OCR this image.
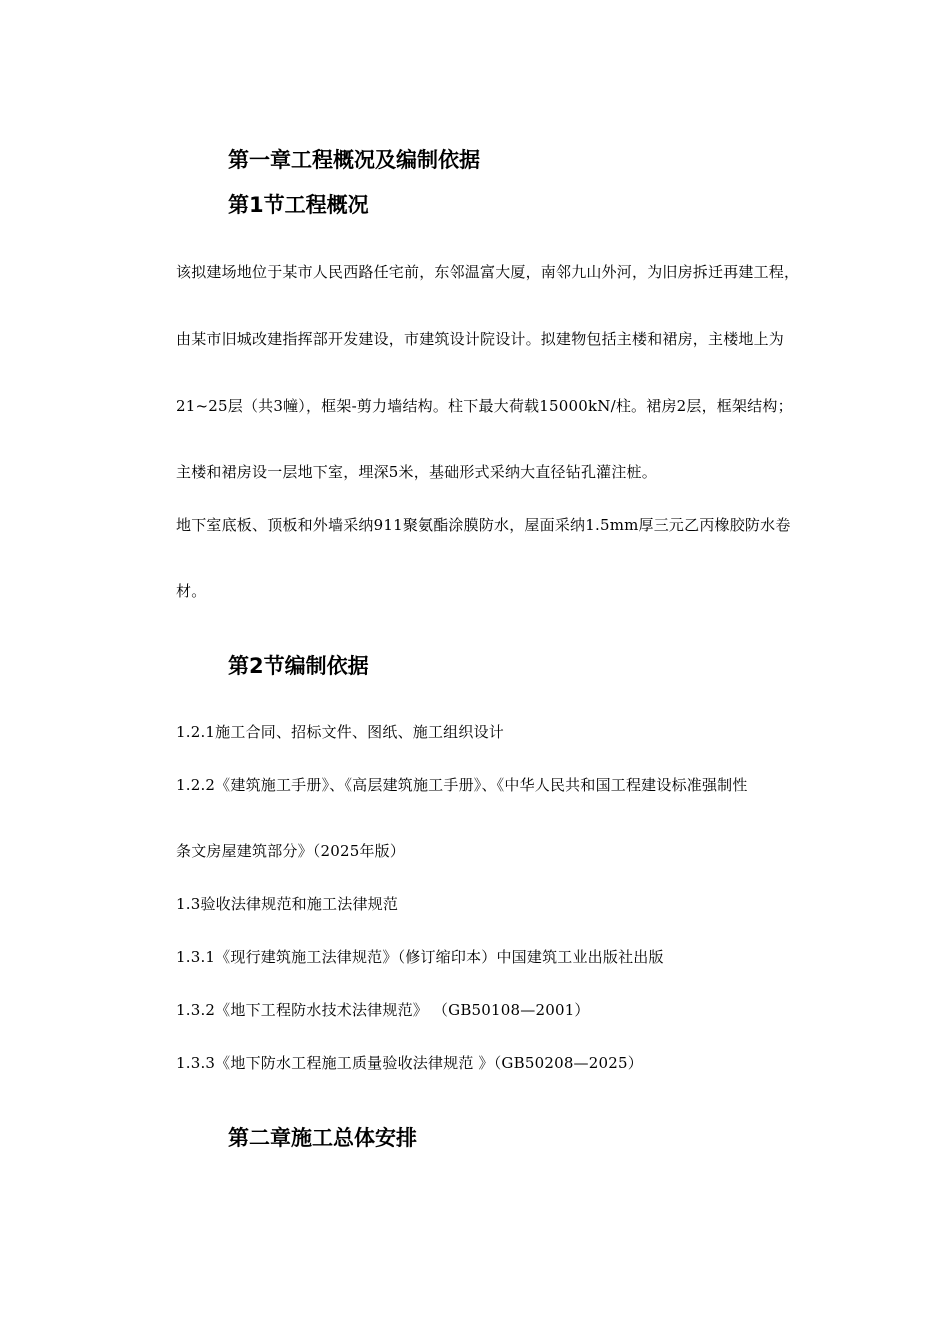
第一章工程概况及编制依据
第1节工程概况
该拟建场地位于某市人民西路任宅前，东邻温富大厦，南邻九山外河，为旧房拆迁再建工程，
由某市旧城改建指挥部开发建设，市建筑设计院设计。拟建物包括主楼和裙房，主楼地上为
21~25层（共3幢），框架-剪力墙结构。柱下最大荷载15000kN/柱。裙房2层，框架结构；
主楼和裙房设一层地下室，埋深5米，基础形式采纳大直径钻孔灌注桩。
地下室底板、顶板和外墙采纳911聚氨酯涂膜防水，屋面采纳1.5mm厚三元乙丙橡胶防水卷
材。
第2节编制依据
1.2.1施工合同、招标文件、图纸、施工组织设计
1.2.2《建筑施工手册》、《高层建筑施工手册》、《中华人民共和国工程建设标准强制性
条文房屋建筑部分》（2025年版）
1.3验收法律规范和施工法律规范
1.3.1《现行建筑施工法律规范》（修订缩印本）中国建筑工业出版社出版
1.3.2《地下工程防水技术法律规范》 （GB50108—2001）
1.3.3《地下防水工程施工质量验收法律规范 》（GB50208—2025）
第二章施工总体安排
